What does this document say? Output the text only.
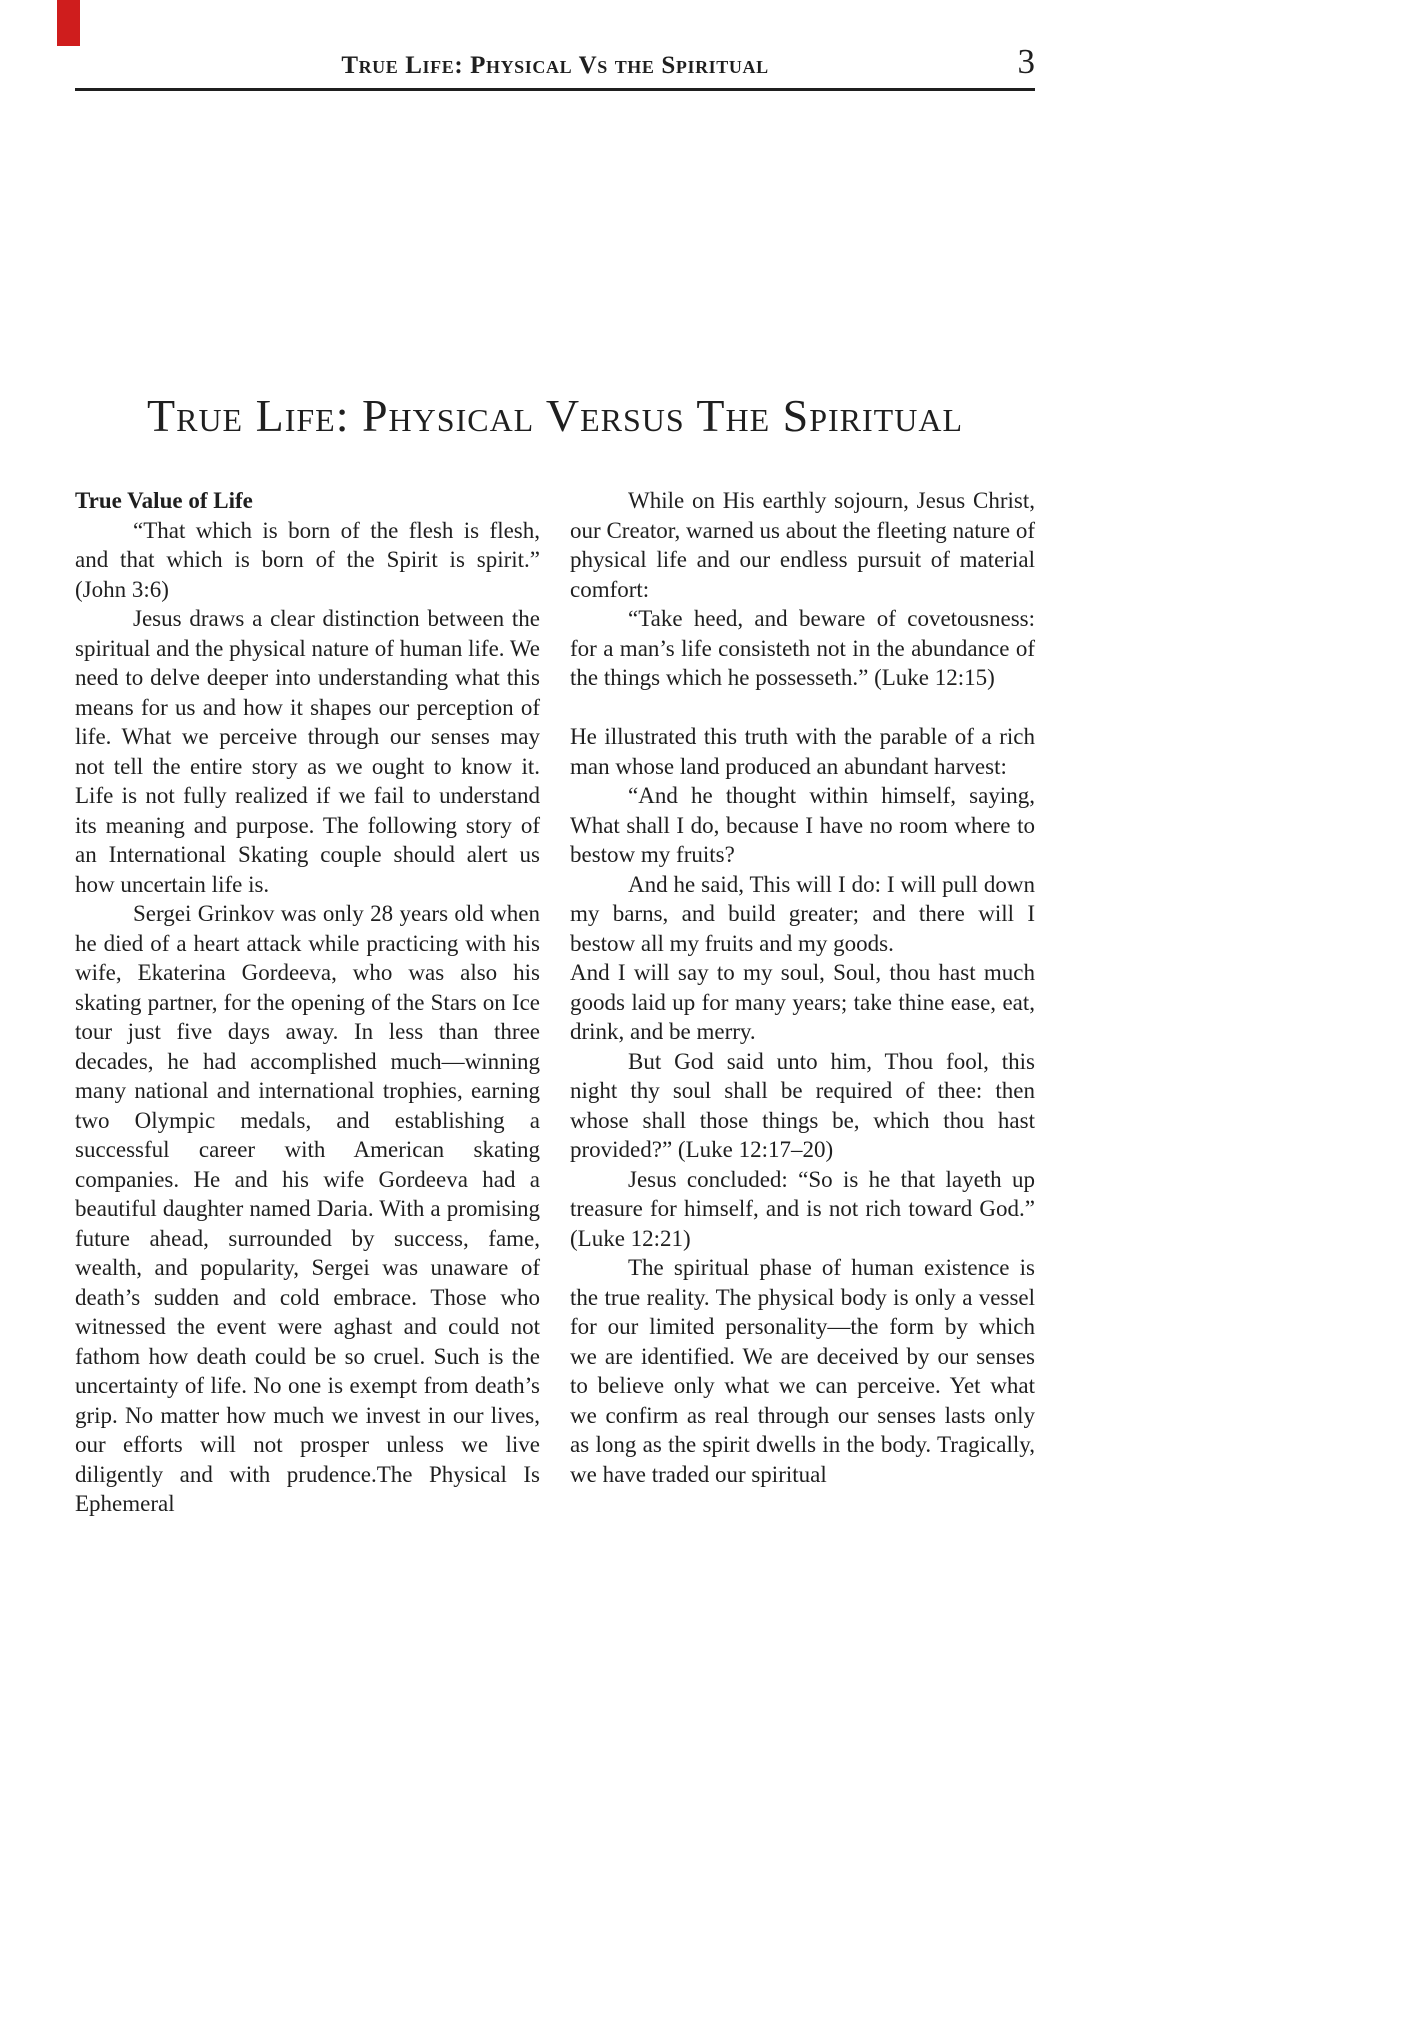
True Life: Physical Vs the Spiritual	3
True Life: Physical Versus The Spiritual

True Value of Life

“That which is born of the flesh is flesh, and that which is born of the Spirit is spirit.” (John 3:6)

Jesus draws a clear distinction between the spiritual and the physical nature of human life. We need to delve deeper into understanding what this means for us and how it shapes our perception of life. What we perceive through our senses may not tell the entire story as we ought to know it. Life is not fully realized if we fail to understand its meaning and purpose. The following story of an International Skating couple should alert us how uncertain life is.

Sergei Grinkov was only 28 years old when he died of a heart attack while practicing with his wife, Ekaterina Gordeeva, who was also his skating partner, for the opening of the Stars on Ice tour just five days away. In less than three decades, he had accomplished much—winning many national and international trophies, earning two Olympic medals, and establishing a successful career with American skating companies. He and his wife Gordeeva had a beautiful daughter named Daria. With a promising future ahead, surrounded by success, fame, wealth, and popularity, Sergei was unaware of death’s sudden and cold embrace. Those who witnessed the event were aghast and could not fathom how death could be so cruel. Such is the uncertainty of life. No one is exempt from death’s grip. No matter how much we invest in our lives, our efforts will not prosper unless we live diligently and with prudence.The Physical Is Ephemeral

While on His earthly sojourn, Jesus Christ, our Creator, warned us about the fleeting nature of physical life and our endless pursuit of material comfort:

“Take heed, and beware of covetousness: for a man’s life consisteth not in the abundance of the things which he possesseth.” (Luke 12:15)

He illustrated this truth with the parable of a rich man whose land produced an abundant harvest:

“And he thought within himself, saying, What shall I do, because I have no room where to bestow my fruits?

And he said, This will I do: I will pull down my barns, and build greater; and there will I bestow all my fruits and my goods.

And I will say to my soul, Soul, thou hast much goods laid up for many years; take thine ease, eat, drink, and be merry.

But God said unto him, Thou fool, this night thy soul shall be required of thee: then whose shall those things be, which thou hast provided?” (Luke 12:17–20)

Jesus concluded: “So is he that layeth up treasure for himself, and is not rich toward God.” (Luke 12:21)

The spiritual phase of human existence is the true reality. The physical body is only a vessel for our limited personality—the form by which we are identified. We are deceived by our senses to believe only what we can perceive. Yet what we confirm as real through our senses lasts only as long as the spirit dwells in the body. Tragically, we have traded our spiritual
